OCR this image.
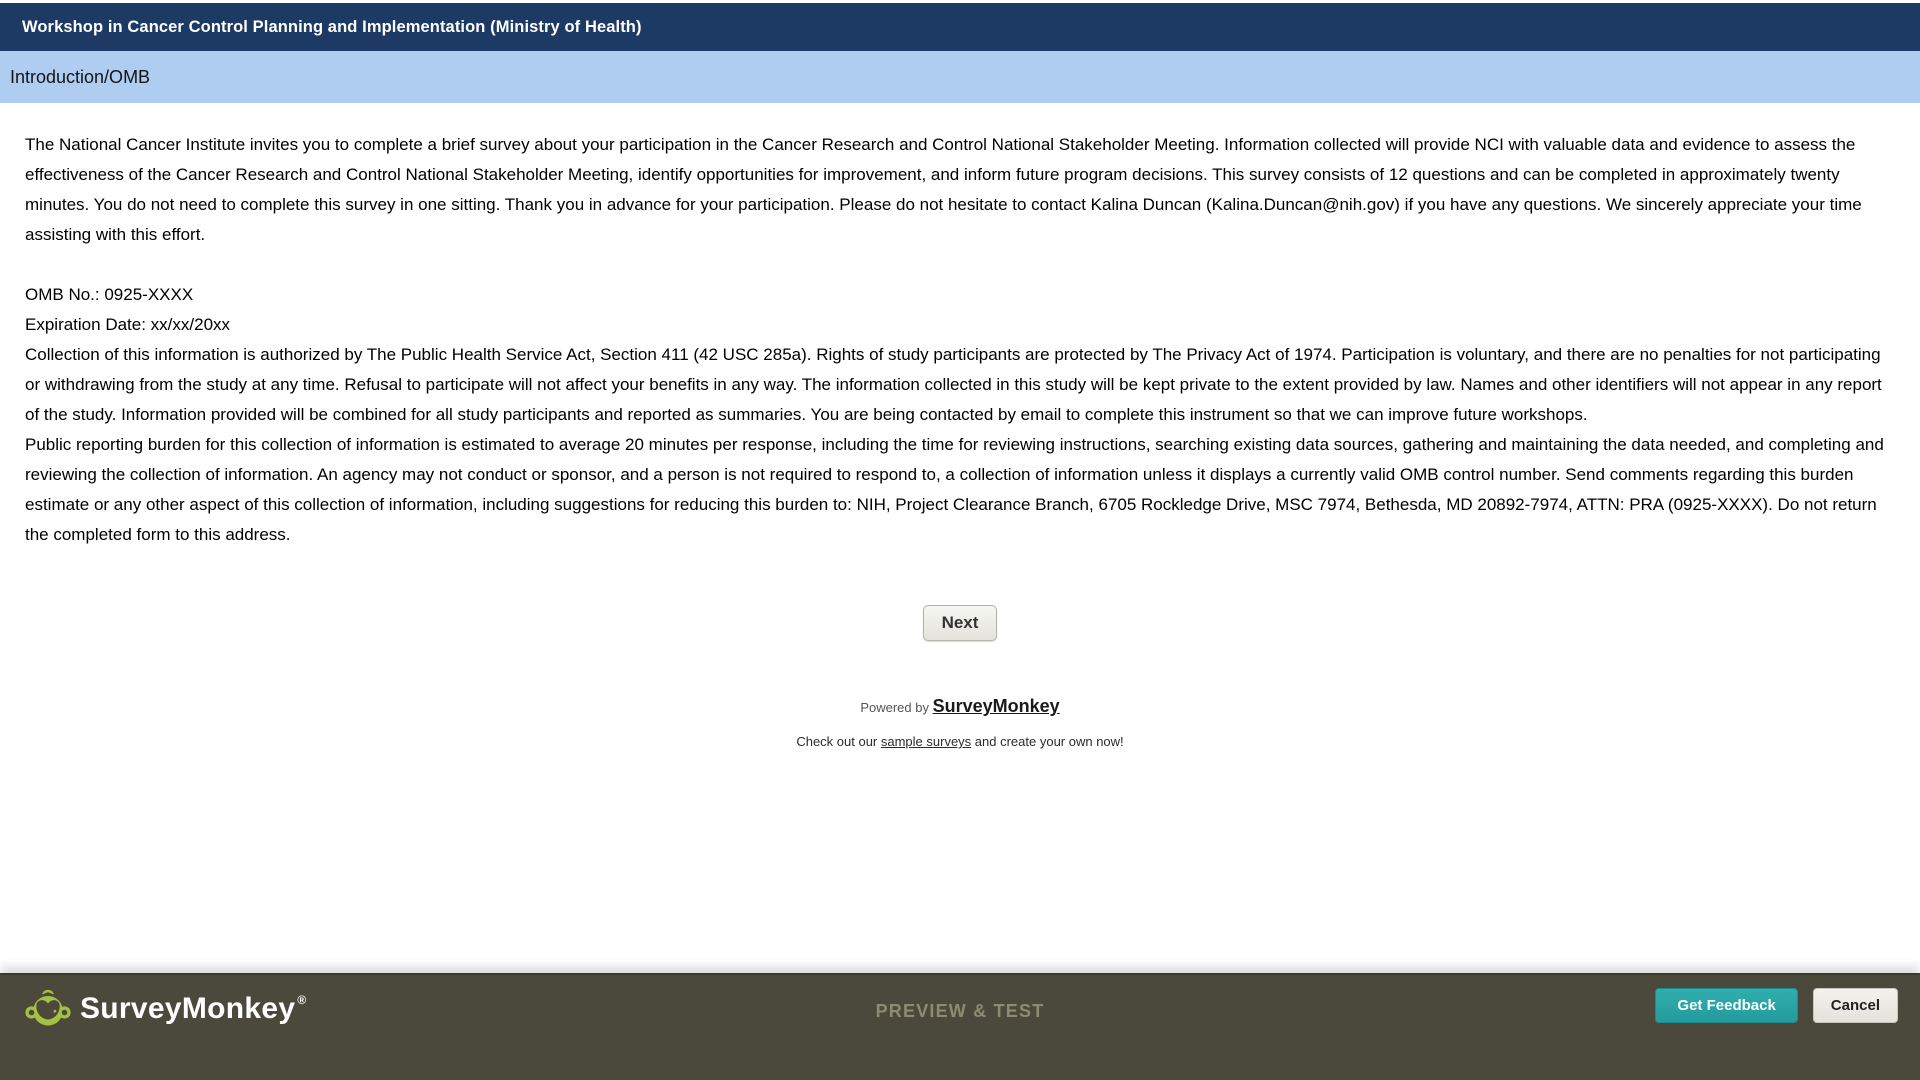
Workshop in Cancer Control Planning and Implementation (Ministry of Health)
Introduction/OMB
The National Cancer Institute invites you to complete a brief survey about your participation in the Cancer Research and Control National Stakeholder Meeting. Information collected will provide NCI with valuable data and evidence to assess the effectiveness of the Cancer Research and Control National Stakeholder Meeting, identify opportunities for improvement, and inform future program decisions. This survey consists of 12 questions and can be completed in approximately twenty minutes. You do not need to complete this survey in one sitting. Thank you in advance for your participation. Please do not hesitate to contact Kalina Duncan (Kalina.Duncan@nih.gov) if you have any questions. We sincerely appreciate your time assisting with this effort.
OMB No.: 0925-XXXX
Expiration Date: xx/xx/20xx
Collection of this information is authorized by The Public Health Service Act, Section 411 (42 USC 285a). Rights of study participants are protected by The Privacy Act of 1974. Participation is voluntary, and there are no penalties for not participating or withdrawing from the study at any time. Refusal to participate will not affect your benefits in any way. The information collected in this study will be kept private to the extent provided by law. Names and other identifiers will not appear in any report of the study. Information provided will be combined for all study participants and reported as summaries. You are being contacted by email to complete this instrument so that we can improve future workshops.
Public reporting burden for this collection of information is estimated to average 20 minutes per response, including the time for reviewing instructions, searching existing data sources, gathering and maintaining the data needed, and completing and reviewing the collection of information. An agency may not conduct or sponsor, and a person is not required to respond to, a collection of information unless it displays a currently valid OMB control number. Send comments regarding this burden estimate or any other aspect of this collection of information, including suggestions for reducing this burden to: NIH, Project Clearance Branch, 6705 Rockledge Drive, MSC 7974, Bethesda, MD 20892-7974, ATTN: PRA (0925-XXXX). Do not return the completed form to this address.
Next
Powered by SurveyMonkey
Check out our sample surveys and create your own now!
SurveyMonkey ®
PREVIEW & TEST	Get Feedback	Cancel
